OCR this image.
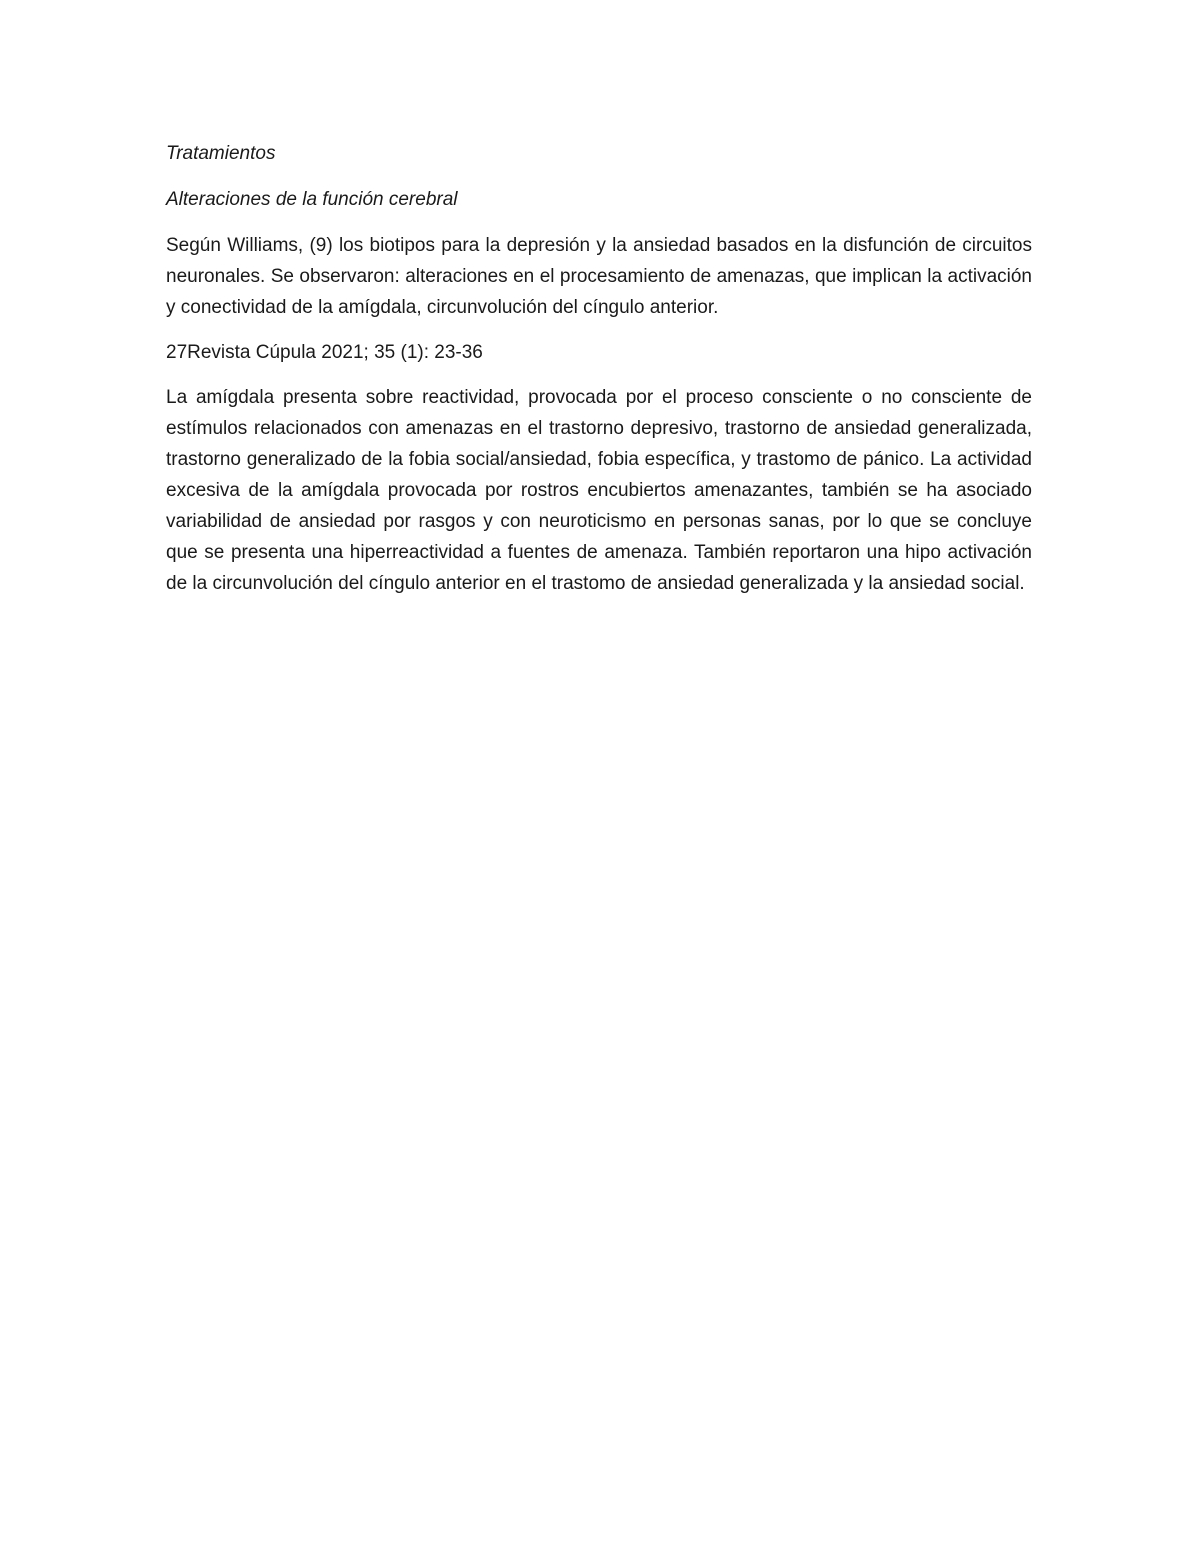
Tratamientos

Alteraciones de la función cerebral

Según Williams, (9) los biotipos para la depresión y la ansiedad basados en la disfunción de circuitos neuronales. Se observaron: alteraciones en el procesamiento de amenazas, que implican la activación y conectividad de la amígdala, circunvolución del cíngulo anterior.

27Revista Cúpula 2021; 35 (1): 23-36

La amígdala presenta sobre reactividad, provocada por el proceso consciente o no consciente de estímulos relacionados con amenazas en el trastorno depresivo, trastorno de ansiedad generalizada, trastorno generalizado de la fobia social/ansiedad, fobia específica, y trastomo de pánico. La actividad excesiva de la amígdala provocada por rostros encubiertos amenazantes, también se ha asociado variabilidad de ansiedad por rasgos y con neuroticismo en personas sanas, por lo que se concluye que se presenta una hiperreactividad a fuentes de amenaza. También reportaron una hipo activación de la circunvolución del cíngulo anterior en el trastomo de ansiedad generalizada y la ansiedad social.
